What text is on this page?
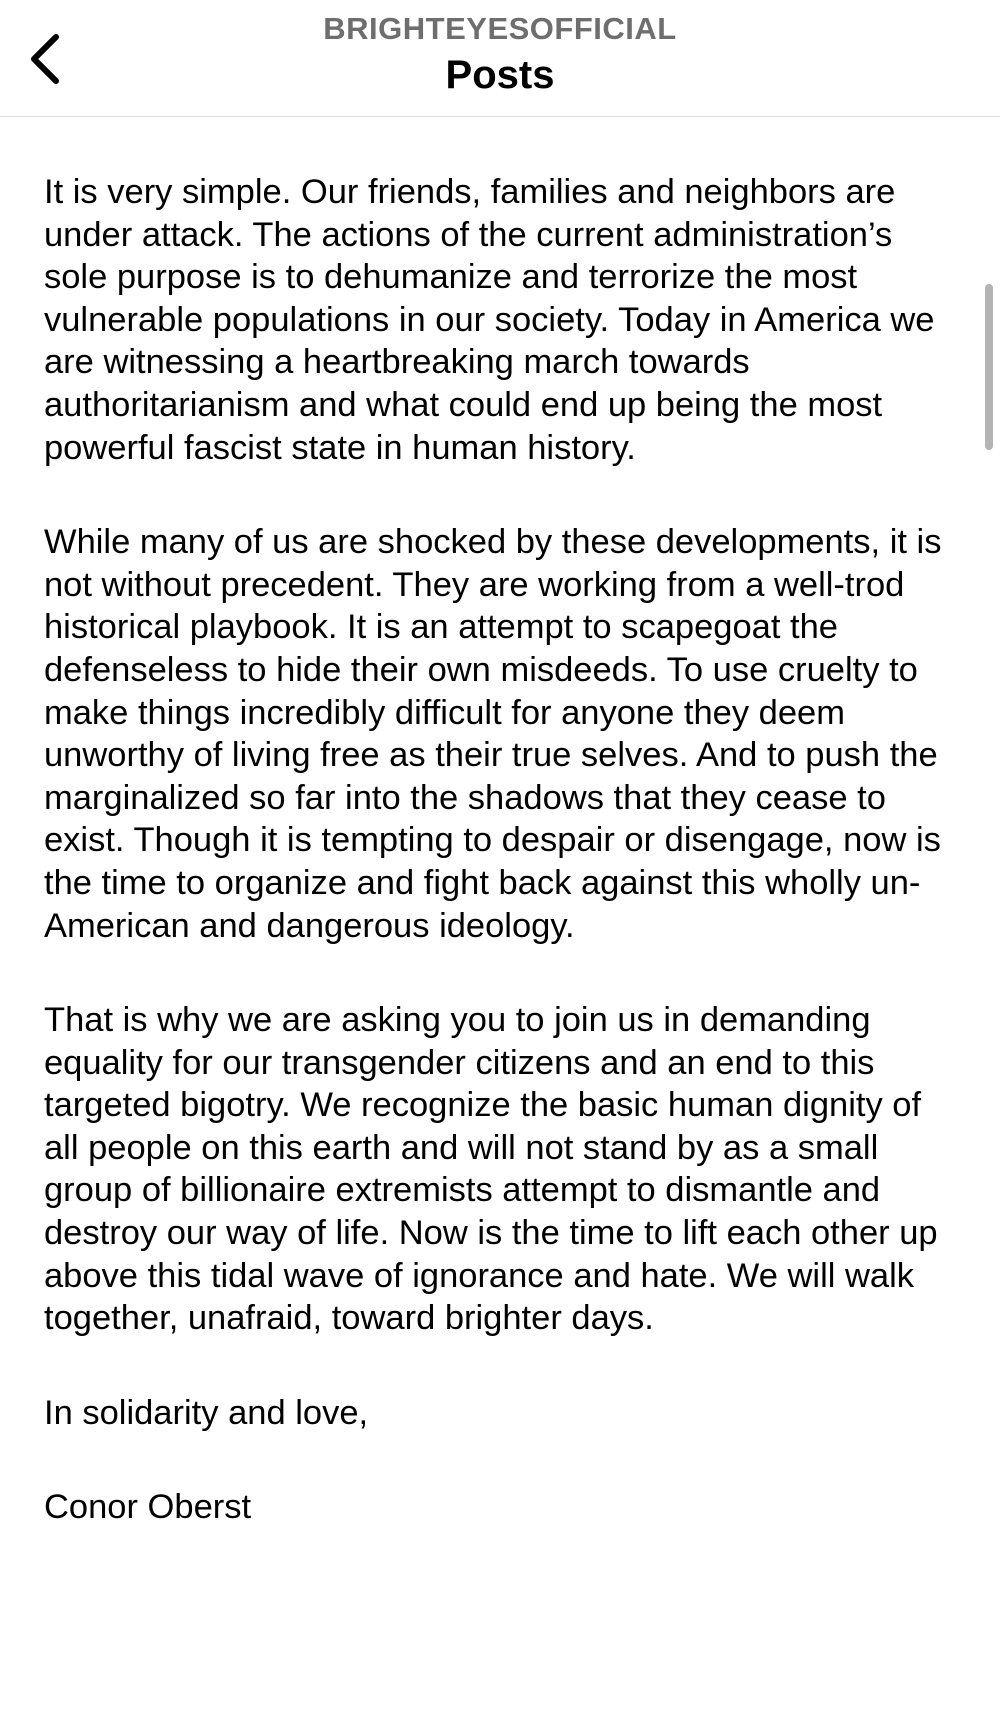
BRIGHTEYESOFFICIAL
Posts

It is very simple. Our friends, families and neighbors are under attack. The actions of the current administration’s sole purpose is to dehumanize and terrorize the most vulnerable populations in our society. Today in America we are witnessing a heartbreaking march towards authoritarianism and what could end up being the most powerful fascist state in human history.

While many of us are shocked by these developments, it is not without precedent. They are working from a well-trod historical playbook. It is an attempt to scapegoat the defenseless to hide their own misdeeds. To use cruelty to make things incredibly difficult for anyone they deem unworthy of living free as their true selves. And to push the marginalized so far into the shadows that they cease to exist. Though it is tempting to despair or disengage, now is the time to organize and fight back against this wholly un-American and dangerous ideology.

That is why we are asking you to join us in demanding equality for our transgender citizens and an end to this targeted bigotry. We recognize the basic human dignity of all people on this earth and will not stand by as a small group of billionaire extremists attempt to dismantle and destroy our way of life. Now is the time to lift each other up above this tidal wave of ignorance and hate. We will walk together, unafraid, toward brighter days.

In solidarity and love,

Conor Oberst
